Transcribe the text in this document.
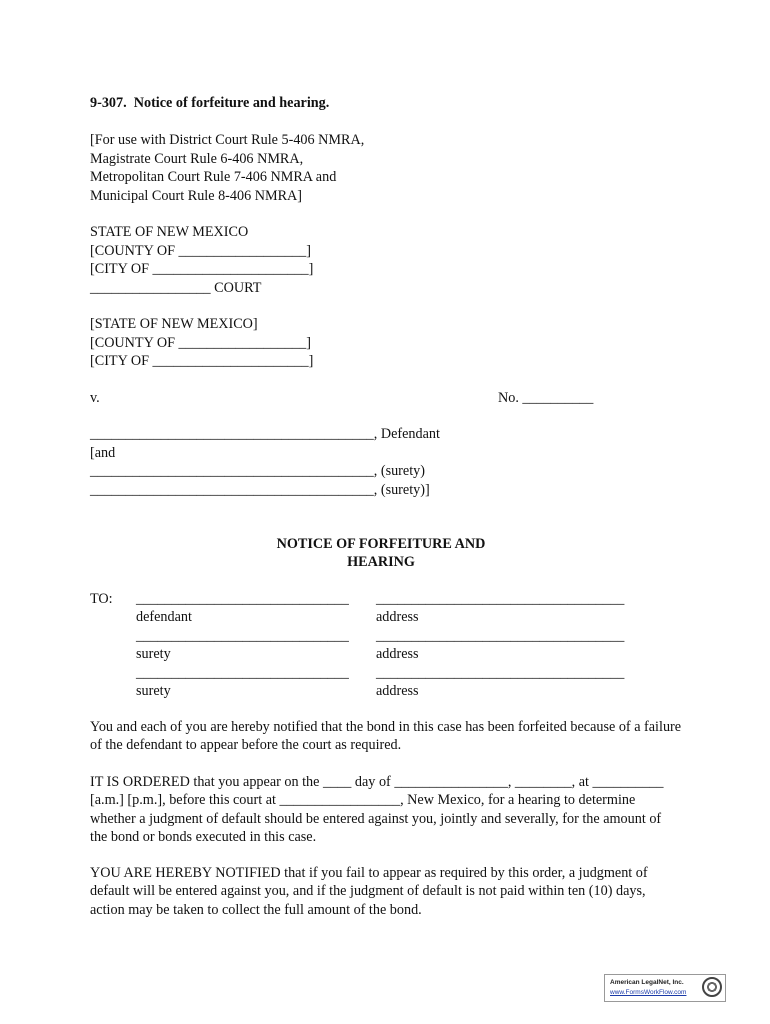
9-307.  Notice of forfeiture and hearing.
[For use with District Court Rule 5-406 NMRA,
Magistrate Court Rule 6-406 NMRA,
Metropolitan Court Rule 7-406 NMRA and
Municipal Court Rule 8-406 NMRA]
STATE OF NEW MEXICO
[COUNTY OF __________________]
[CITY OF ______________________]
_________________ COURT
[STATE OF NEW MEXICO]
[COUNTY OF __________________]
[CITY OF ______________________]
v.	No. __________
________________________________________, Defendant
[and
________________________________________, (surety)
________________________________________, (surety)]
NOTICE OF FORFEITURE AND
HEARING
TO: ______________________________ ___________________________________
defendant	address
______________________________ ___________________________________
surety	address
______________________________ ___________________________________
surety	address
You and each of you are hereby notified that the bond in this case has been forfeited because of a failure of the defendant to appear before the court as required.
IT IS ORDERED that you appear on the ____ day of ________________, ________, at __________ [a.m.] [p.m.], before this court at _________________, New Mexico, for a hearing to determine whether a judgment of default should be entered against you, jointly and severally, for the amount of the bond or bonds executed in this case.
YOU ARE HEREBY NOTIFIED that if you fail to appear as required by this order, a judgment of default will be entered against you, and if the judgment of default is not paid within ten (10) days, action may be taken to collect the full amount of the bond.
American LegalNet, Inc.
www.FormsWorkFlow.com
